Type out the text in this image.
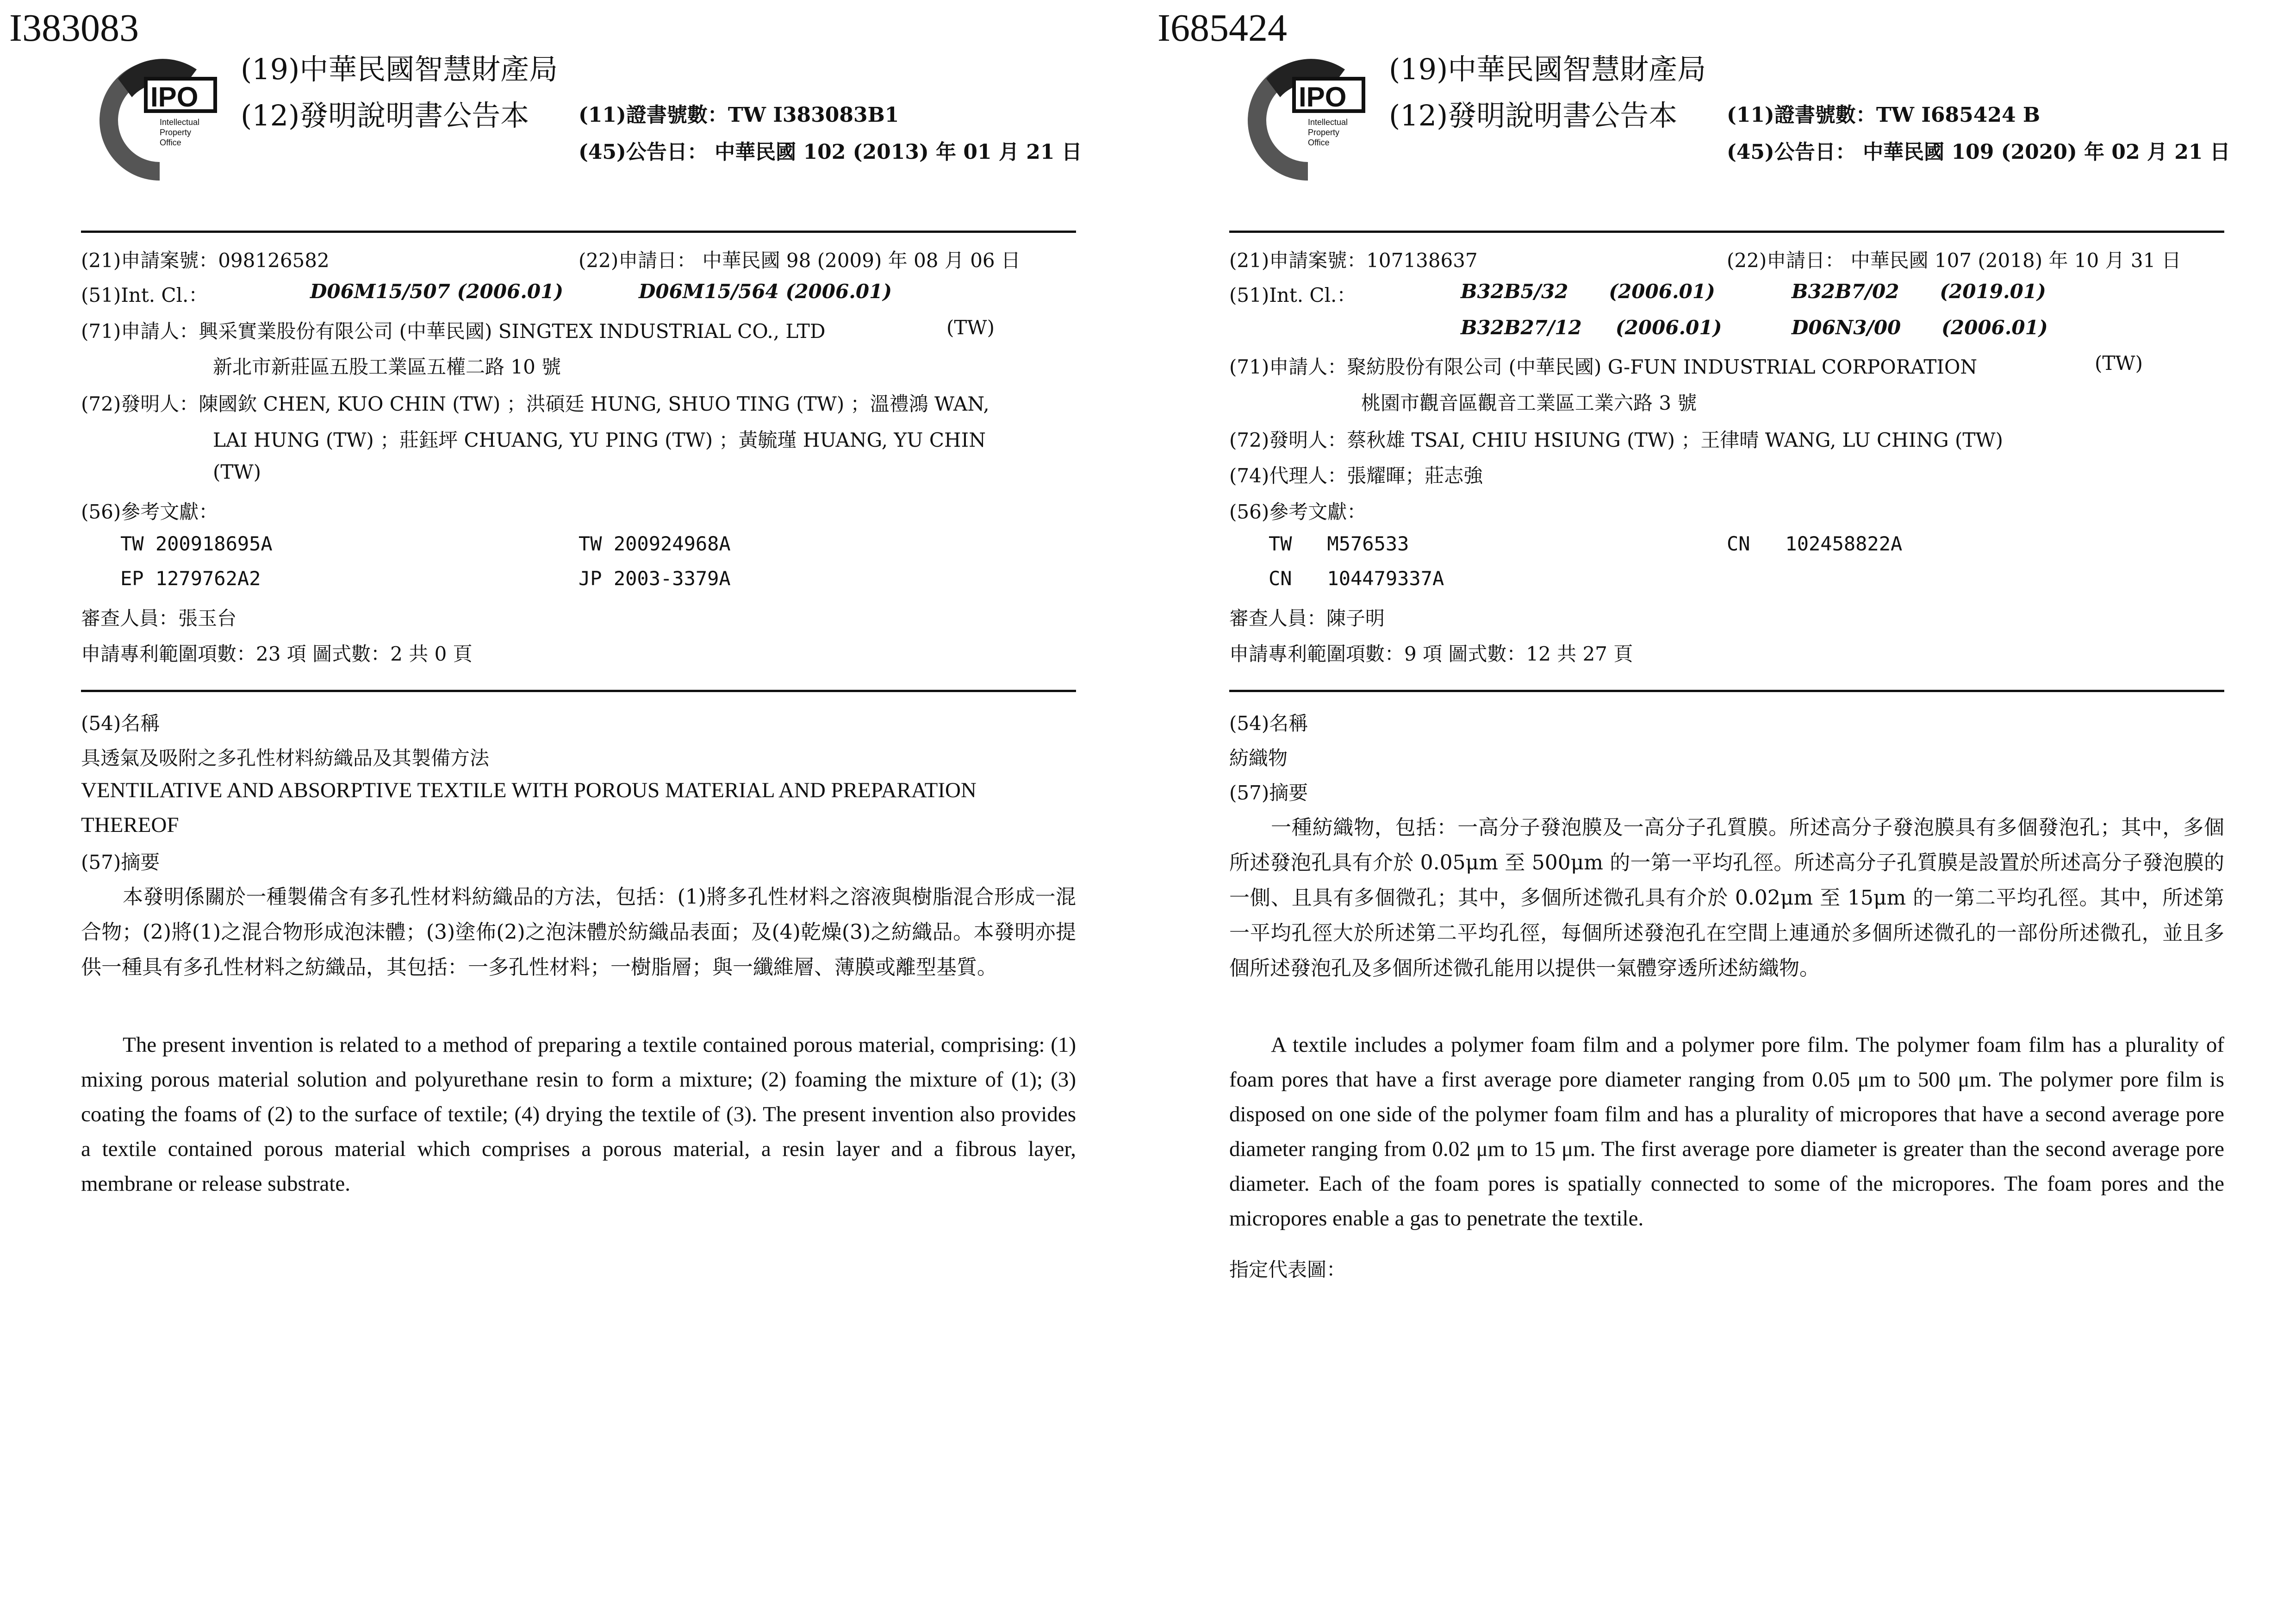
I383083
IPO
Intellectual
Property
Office
(19)中華民國智慧財產局
(12)發明說明書公告本 (11)證書號數：TW I383083B1
(45)公告日： 中華民國 102 (2013) 年 01 月 21 日
(21)申請案號：098126582	(22)申請日： 中華民國 98 (2009) 年 08 月 06 日
(51)Int. Cl.：	D06M15/507 (2006.01)	D06M15/564 (2006.01)
(71)申請人：興采實業股份有限公司 (中華民國) SINGTEX INDUSTRIAL CO., LTD	(TW)
新北市新莊區五股工業區五權二路 10 號
(72)發明人：陳國欽 CHEN, KUO CHIN (TW) ；洪碩廷 HUNG, SHUO TING (TW) ；溫禮鴻 WAN,
LAI HUNG (TW) ；莊鈺坪 CHUANG, YU PING (TW) ；黃毓瑾 HUANG, YU CHIN
(TW)
(56)參考文獻：
TW 200918695A	TW 200924968A
EP 1279762A2	JP 2003-3379A
審查人員：張玉台
申請專利範圍項數：23 項 圖式數：2 共 0 頁
(54)名稱
具透氣及吸附之多孔性材料紡織品及其製備方法
VENTILATIVE AND ABSORPTIVE TEXTILE WITH POROUS MATERIAL AND PREPARATION
THEREOF
(57)摘要
本發明係關於一種製備含有多孔性材料紡織品的方法，包括：(1)將多孔性材料之溶液與樹脂混合形成一混合物；(2)將(1)之混合物形成泡沫體；(3)塗佈(2)之泡沫體於紡織品表面；及(4)乾燥(3)之紡織品。本發明亦提供一種具有多孔性材料之紡織品，其包括：一多孔性材料；一樹脂層；與一纖維層、薄膜或離型基質。
The present invention is related to a method of preparing a textile contained porous material, comprising: (1) mixing porous material solution and polyurethane resin to form a mixture; (2) foaming the mixture of (1); (3) coating the foams of (2) to the surface of textile; (4) drying the textile of (3). The present invention also provides a textile contained porous material which comprises a porous material, a resin layer and a fibrous layer, membrane or release substrate.
I685424
IPO
Intellectual
Property
Office
(19)中華民國智慧財產局
(12)發明說明書公告本 (11)證書號數：TW I685424 B
(45)公告日： 中華民國 109 (2020) 年 02 月 21 日
(21)申請案號：107138637	(22)申請日： 中華民國 107 (2018) 年 10 月 31 日
(51)Int. Cl.：	B32B5/32      (2006.01)	B32B7/02      (2019.01)
B32B27/12     (2006.01)	D06N3/00      (2006.01)
(71)申請人：聚紡股份有限公司 (中華民國) G-FUN INDUSTRIAL CORPORATION	(TW)
桃園市觀音區觀音工業區工業六路 3 號
(72)發明人：蔡秋雄 TSAI, CHIU HSIUNG (TW) ；王律晴 WANG, LU CHING (TW)
(74)代理人：張耀暉；莊志強
(56)參考文獻：
TW   M576533	CN   102458822A
CN   104479337A
審查人員：陳子明
申請專利範圍項數：9 項 圖式數：12 共 27 頁
(54)名稱
紡織物
(57)摘要
一種紡織物，包括：一高分子發泡膜及一高分子孔質膜。所述高分子發泡膜具有多個發泡孔；其中，多個所述發泡孔具有介於 0.05μm 至 500μm 的一第一平均孔徑。所述高分子孔質膜是設置於所述高分子發泡膜的一側、且具有多個微孔；其中，多個所述微孔具有介於 0.02μm 至 15μm 的一第二平均孔徑。其中，所述第一平均孔徑大於所述第二平均孔徑，每個所述發泡孔在空間上連通於多個所述微孔的一部份所述微孔，並且多個所述發泡孔及多個所述微孔能用以提供一氣體穿透所述紡織物。
A textile includes a polymer foam film and a polymer pore film. The polymer foam film has a plurality of foam pores that have a first average pore diameter ranging from 0.05 μm to 500 μm. The polymer pore film is disposed on one side of the polymer foam film and has a plurality of micropores that have a second average pore diameter ranging from 0.02 μm to 15 μm. The first average pore diameter is greater than the second average pore diameter. Each of the foam pores is spatially connected to some of the micropores. The foam pores and the micropores enable a gas to penetrate the textile.
指定代表圖：
